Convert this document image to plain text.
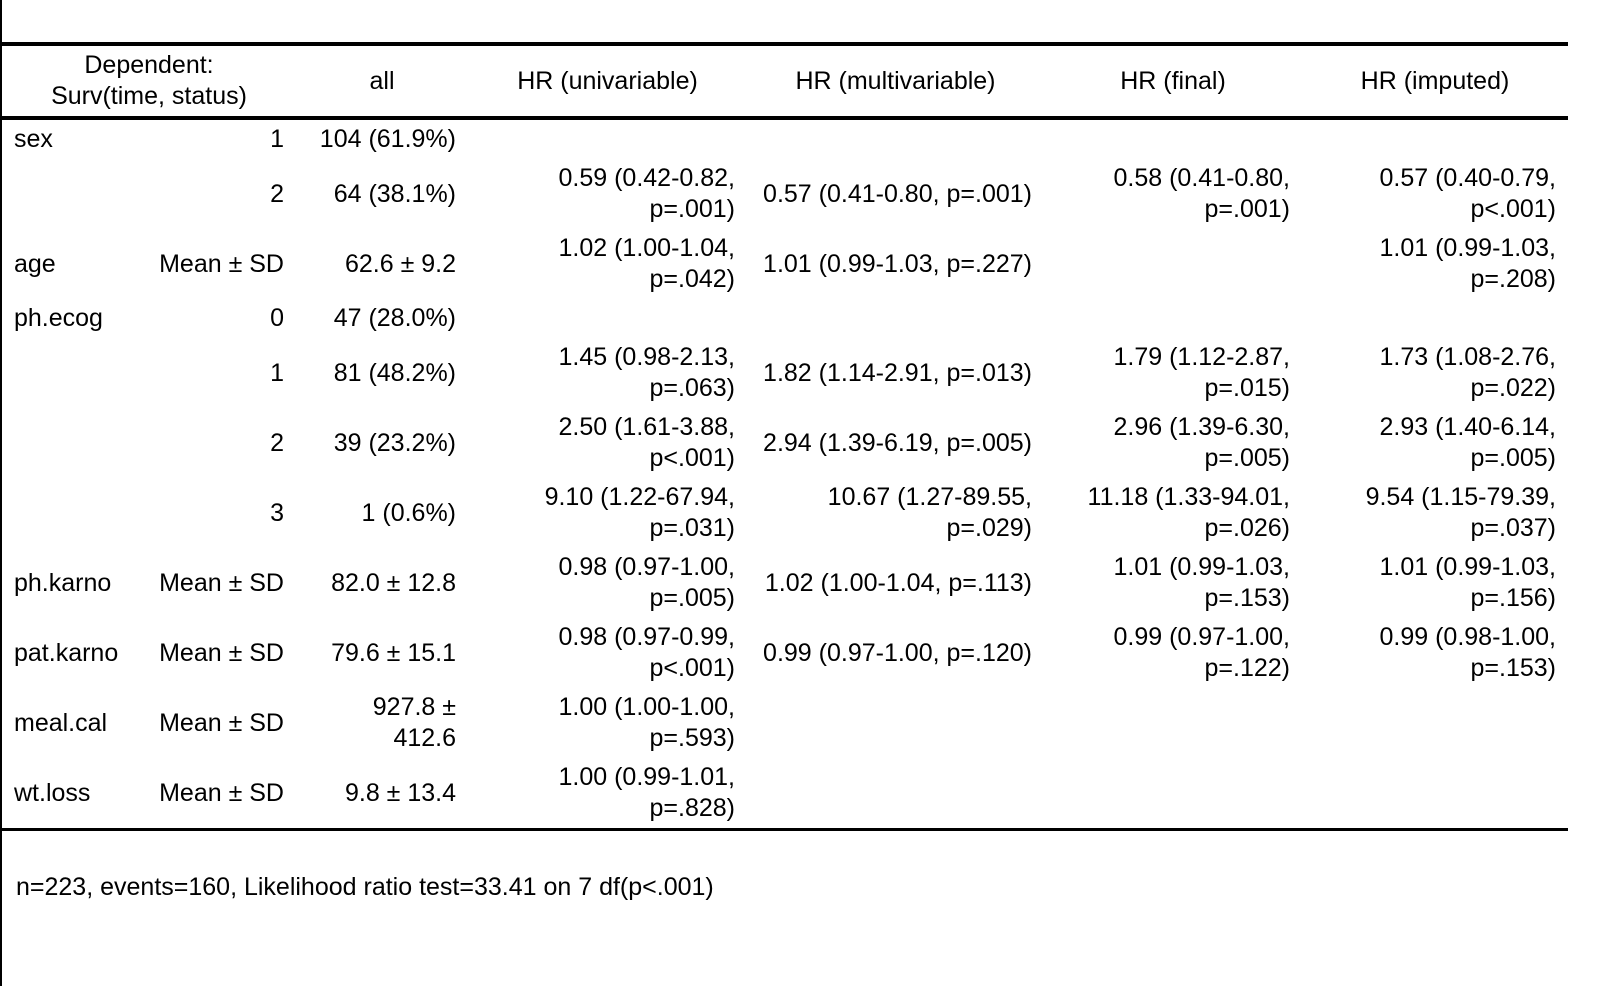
Dependent:
Surv(time, status)		all	HR (univariable)	HR (multivariable)	HR (final)	HR (imputed)
sex	1	104 (61.9%)				
	2	64 (38.1%)	0.59 (0.42-0.82, p=.001)	0.57 (0.41-0.80, p=.001)	0.58 (0.41-0.80, p=.001)	0.57 (0.40-0.79, p<.001)
age	Mean ± SD	62.6 ± 9.2	1.02 (1.00-1.04, p=.042)	1.01 (0.99-1.03, p=.227)		1.01 (0.99-1.03, p=.208)
ph.ecog	0	47 (28.0%)				
	1	81 (48.2%)	1.45 (0.98-2.13, p=.063)	1.82 (1.14-2.91, p=.013)	1.79 (1.12-2.87, p=.015)	1.73 (1.08-2.76, p=.022)
	2	39 (23.2%)	2.50 (1.61-3.88, p<.001)	2.94 (1.39-6.19, p=.005)	2.96 (1.39-6.30, p=.005)	2.93 (1.40-6.14, p=.005)
	3	1 (0.6%)	9.10 (1.22-67.94, p=.031)	10.67 (1.27-89.55, p=.029)	11.18 (1.33-94.01, p=.026)	9.54 (1.15-79.39, p=.037)
ph.karno	Mean ± SD	82.0 ± 12.8	0.98 (0.97-1.00, p=.005)	1.02 (1.00-1.04, p=.113)	1.01 (0.99-1.03, p=.153)	1.01 (0.99-1.03, p=.156)
pat.karno	Mean ± SD	79.6 ± 15.1	0.98 (0.97-0.99, p<.001)	0.99 (0.97-1.00, p=.120)	0.99 (0.97-1.00, p=.122)	0.99 (0.98-1.00, p=.153)
meal.cal	Mean ± SD	927.8 ± 412.6	1.00 (1.00-1.00, p=.593)			
wt.loss	Mean ± SD	9.8 ± 13.4	1.00 (0.99-1.01, p=.828)			
n=223, events=160, Likelihood ratio test=33.41 on 7 df(p<.001)
